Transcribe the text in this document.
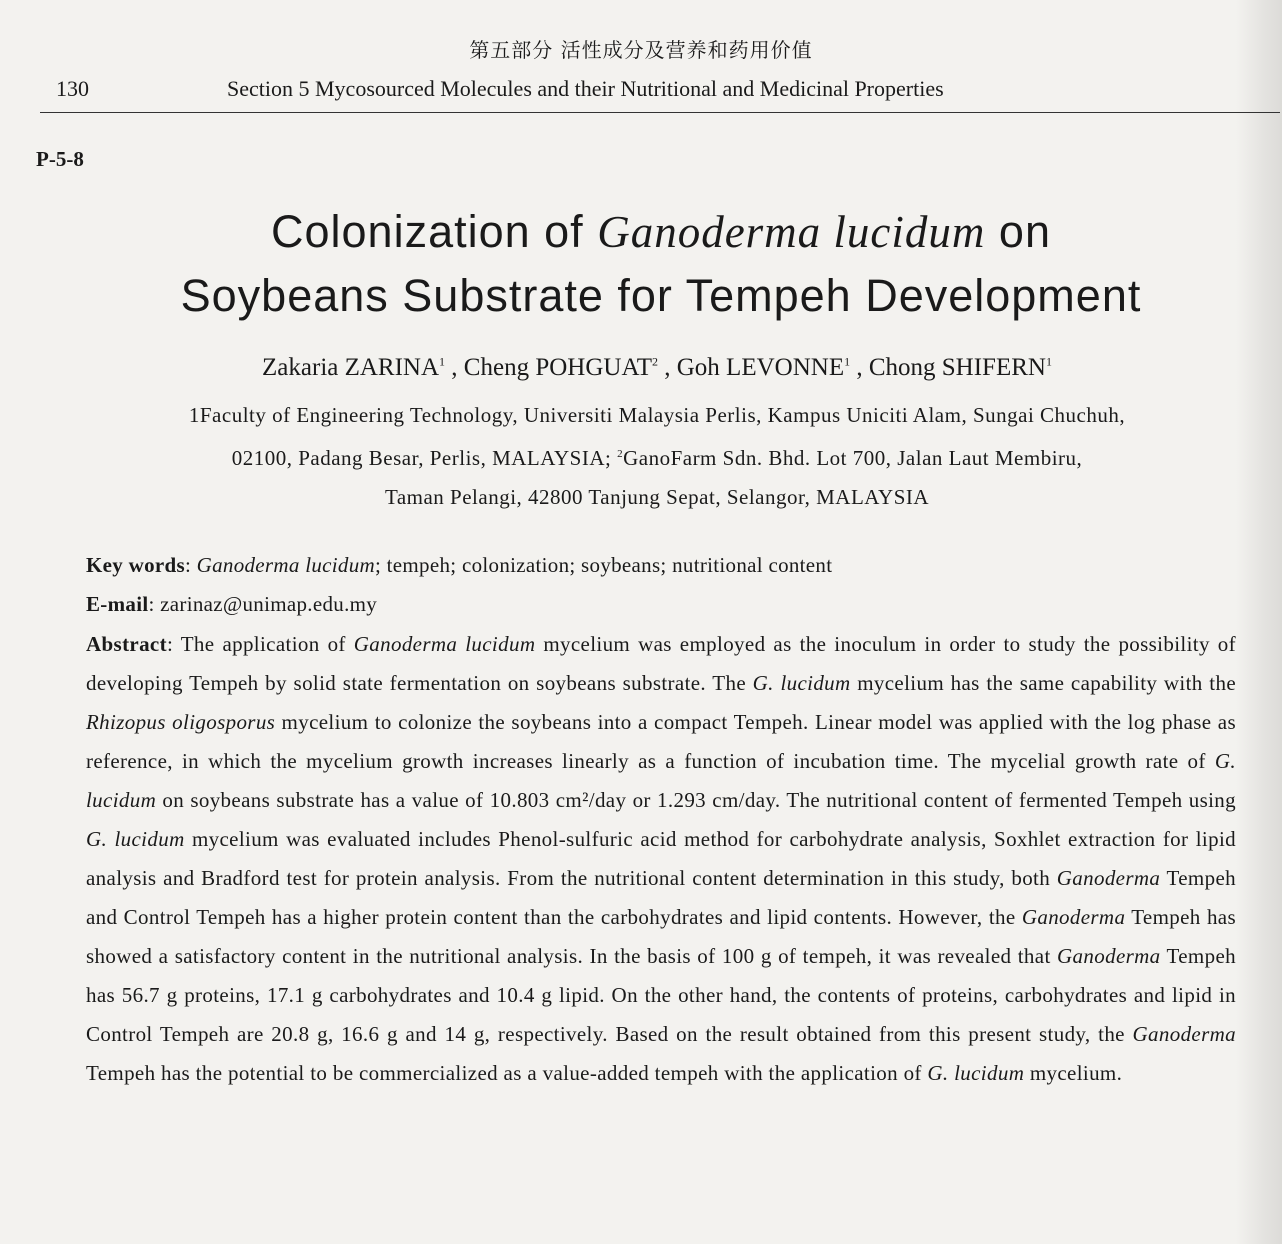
第五部分 活性成分及营养和药用价值
130	Section 5 Mycosourced Molecules and their Nutritional and Medicinal Properties
P-5-8
Colonization of Ganoderma lucidum on
Soybeans Substrate for Tempeh Development
Zakaria ZARINA$^1$ , Cheng POHGUAT$^2$ , Goh LEVONNE$^1$ , Chong SHIFERN$^1$
1Faculty of Engineering Technology, Universiti Malaysia Perlis, Kampus Uniciti Alam, Sungai Chuchuh,
02100, Padang Besar, Perlis, MALAYSIA; $^2$GanoFarm Sdn. Bhd. Lot 700, Jalan Laut Membiru,
Taman Pelangi, 42800 Tanjung Sepat, Selangor, MALAYSIA
Key words: Ganoderma lucidum; tempeh; colonization; soybeans; nutritional content
E-mail: zarinaz@unimap.edu.my
Abstract: The application of Ganoderma lucidum mycelium was employed as the inoculum in order to study the possibility of developing Tempeh by solid state fermentation on soybeans substrate. The G. lucidum mycelium has the same capability with the Rhizopus oligosporus mycelium to colonize the soybeans into a compact Tempeh. Linear model was applied with the log phase as reference, in which the mycelium growth increases linearly as a function of incubation time. The mycelial growth rate of G. lucidum on soybeans substrate has a value of 10.803 cm²/day or 1.293 cm/day. The nutritional content of fermented Tempeh using G. lucidum mycelium was evaluated includes Phenol-sulfuric acid method for carbohydrate analysis, Soxhlet extraction for lipid analysis and Bradford test for protein analysis. From the nutritional content determination in this study, both Ganoderma Tempeh and Control Tempeh has a higher protein content than the carbohydrates and lipid contents. However, the Ganoderma Tempeh has showed a satisfactory content in the nutritional analysis. In the basis of 100 g of tempeh, it was revealed that Ganoderma Tempeh has 56.7 g proteins, 17.1 g carbohydrates and 10.4 g lipid. On the other hand, the contents of proteins, carbohydrates and lipid in Control Tempeh are 20.8 g, 16.6 g and 14 g, respectively. Based on the result obtained from this present study, the Ganoderma Tempeh has the potential to be commercialized as a value-added tempeh with the application of G. lucidum mycelium.
